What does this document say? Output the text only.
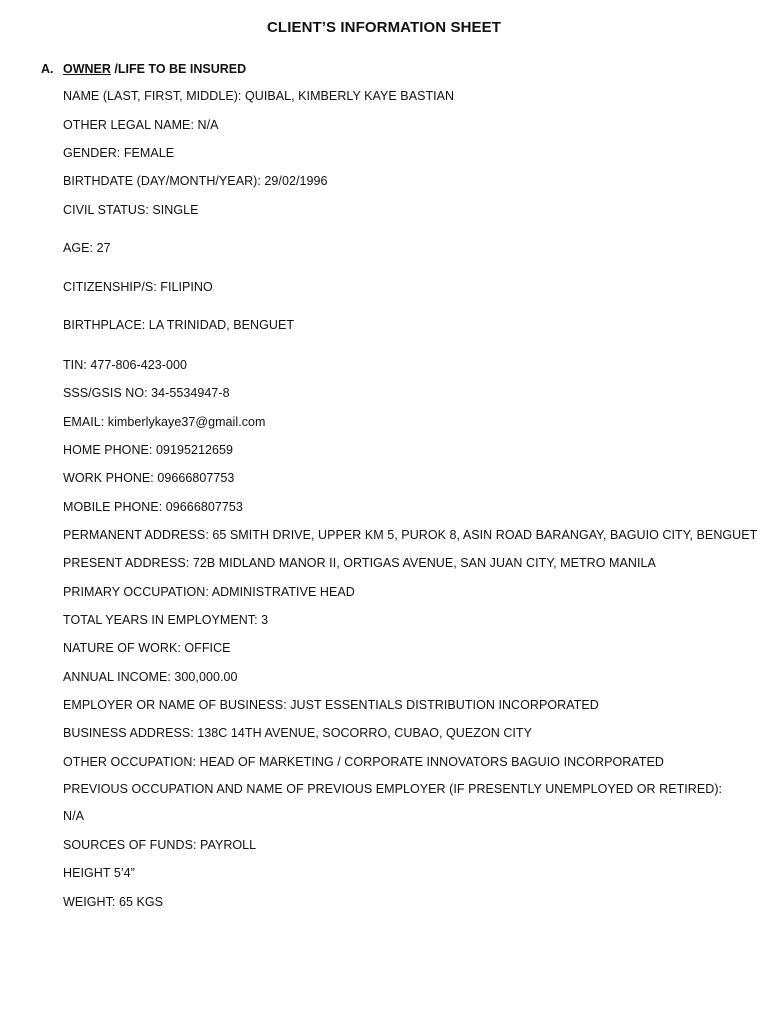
CLIENT’S INFORMATION SHEET
A. OWNER /LIFE TO BE INSURED
NAME (LAST, FIRST, MIDDLE): QUIBAL, KIMBERLY KAYE BASTIAN
OTHER LEGAL NAME: N/A
GENDER: FEMALE
BIRTHDATE (DAY/MONTH/YEAR): 29/02/1996
CIVIL STATUS: SINGLE
AGE: 27
CITIZENSHIP/S: FILIPINO
BIRTHPLACE: LA TRINIDAD, BENGUET
TIN: 477-806-423-000
SSS/GSIS NO: 34-5534947-8
EMAIL: kimberlykaye37@gmail.com
HOME PHONE: 09195212659
WORK PHONE: 09666807753
MOBILE PHONE: 09666807753
PERMANENT ADDRESS: 65 SMITH DRIVE, UPPER KM 5, PUROK 8, ASIN ROAD BARANGAY, BAGUIO CITY, BENGUET
PRESENT ADDRESS: 72B MIDLAND MANOR II, ORTIGAS AVENUE, SAN JUAN CITY, METRO MANILA
PRIMARY OCCUPATION: ADMINISTRATIVE HEAD
TOTAL YEARS IN EMPLOYMENT: 3
NATURE OF WORK: OFFICE
ANNUAL INCOME: 300,000.00
EMPLOYER OR NAME OF BUSINESS: JUST ESSENTIALS DISTRIBUTION INCORPORATED
BUSINESS ADDRESS: 138C 14TH AVENUE, SOCORRO, CUBAO, QUEZON CITY
OTHER OCCUPATION: HEAD OF MARKETING / CORPORATE INNOVATORS BAGUIO INCORPORATED
PREVIOUS OCCUPATION AND NAME OF PREVIOUS EMPLOYER (IF PRESENTLY UNEMPLOYED OR RETIRED):
N/A
SOURCES OF FUNDS: PAYROLL
HEIGHT 5’4”
WEIGHT: 65 KGS
